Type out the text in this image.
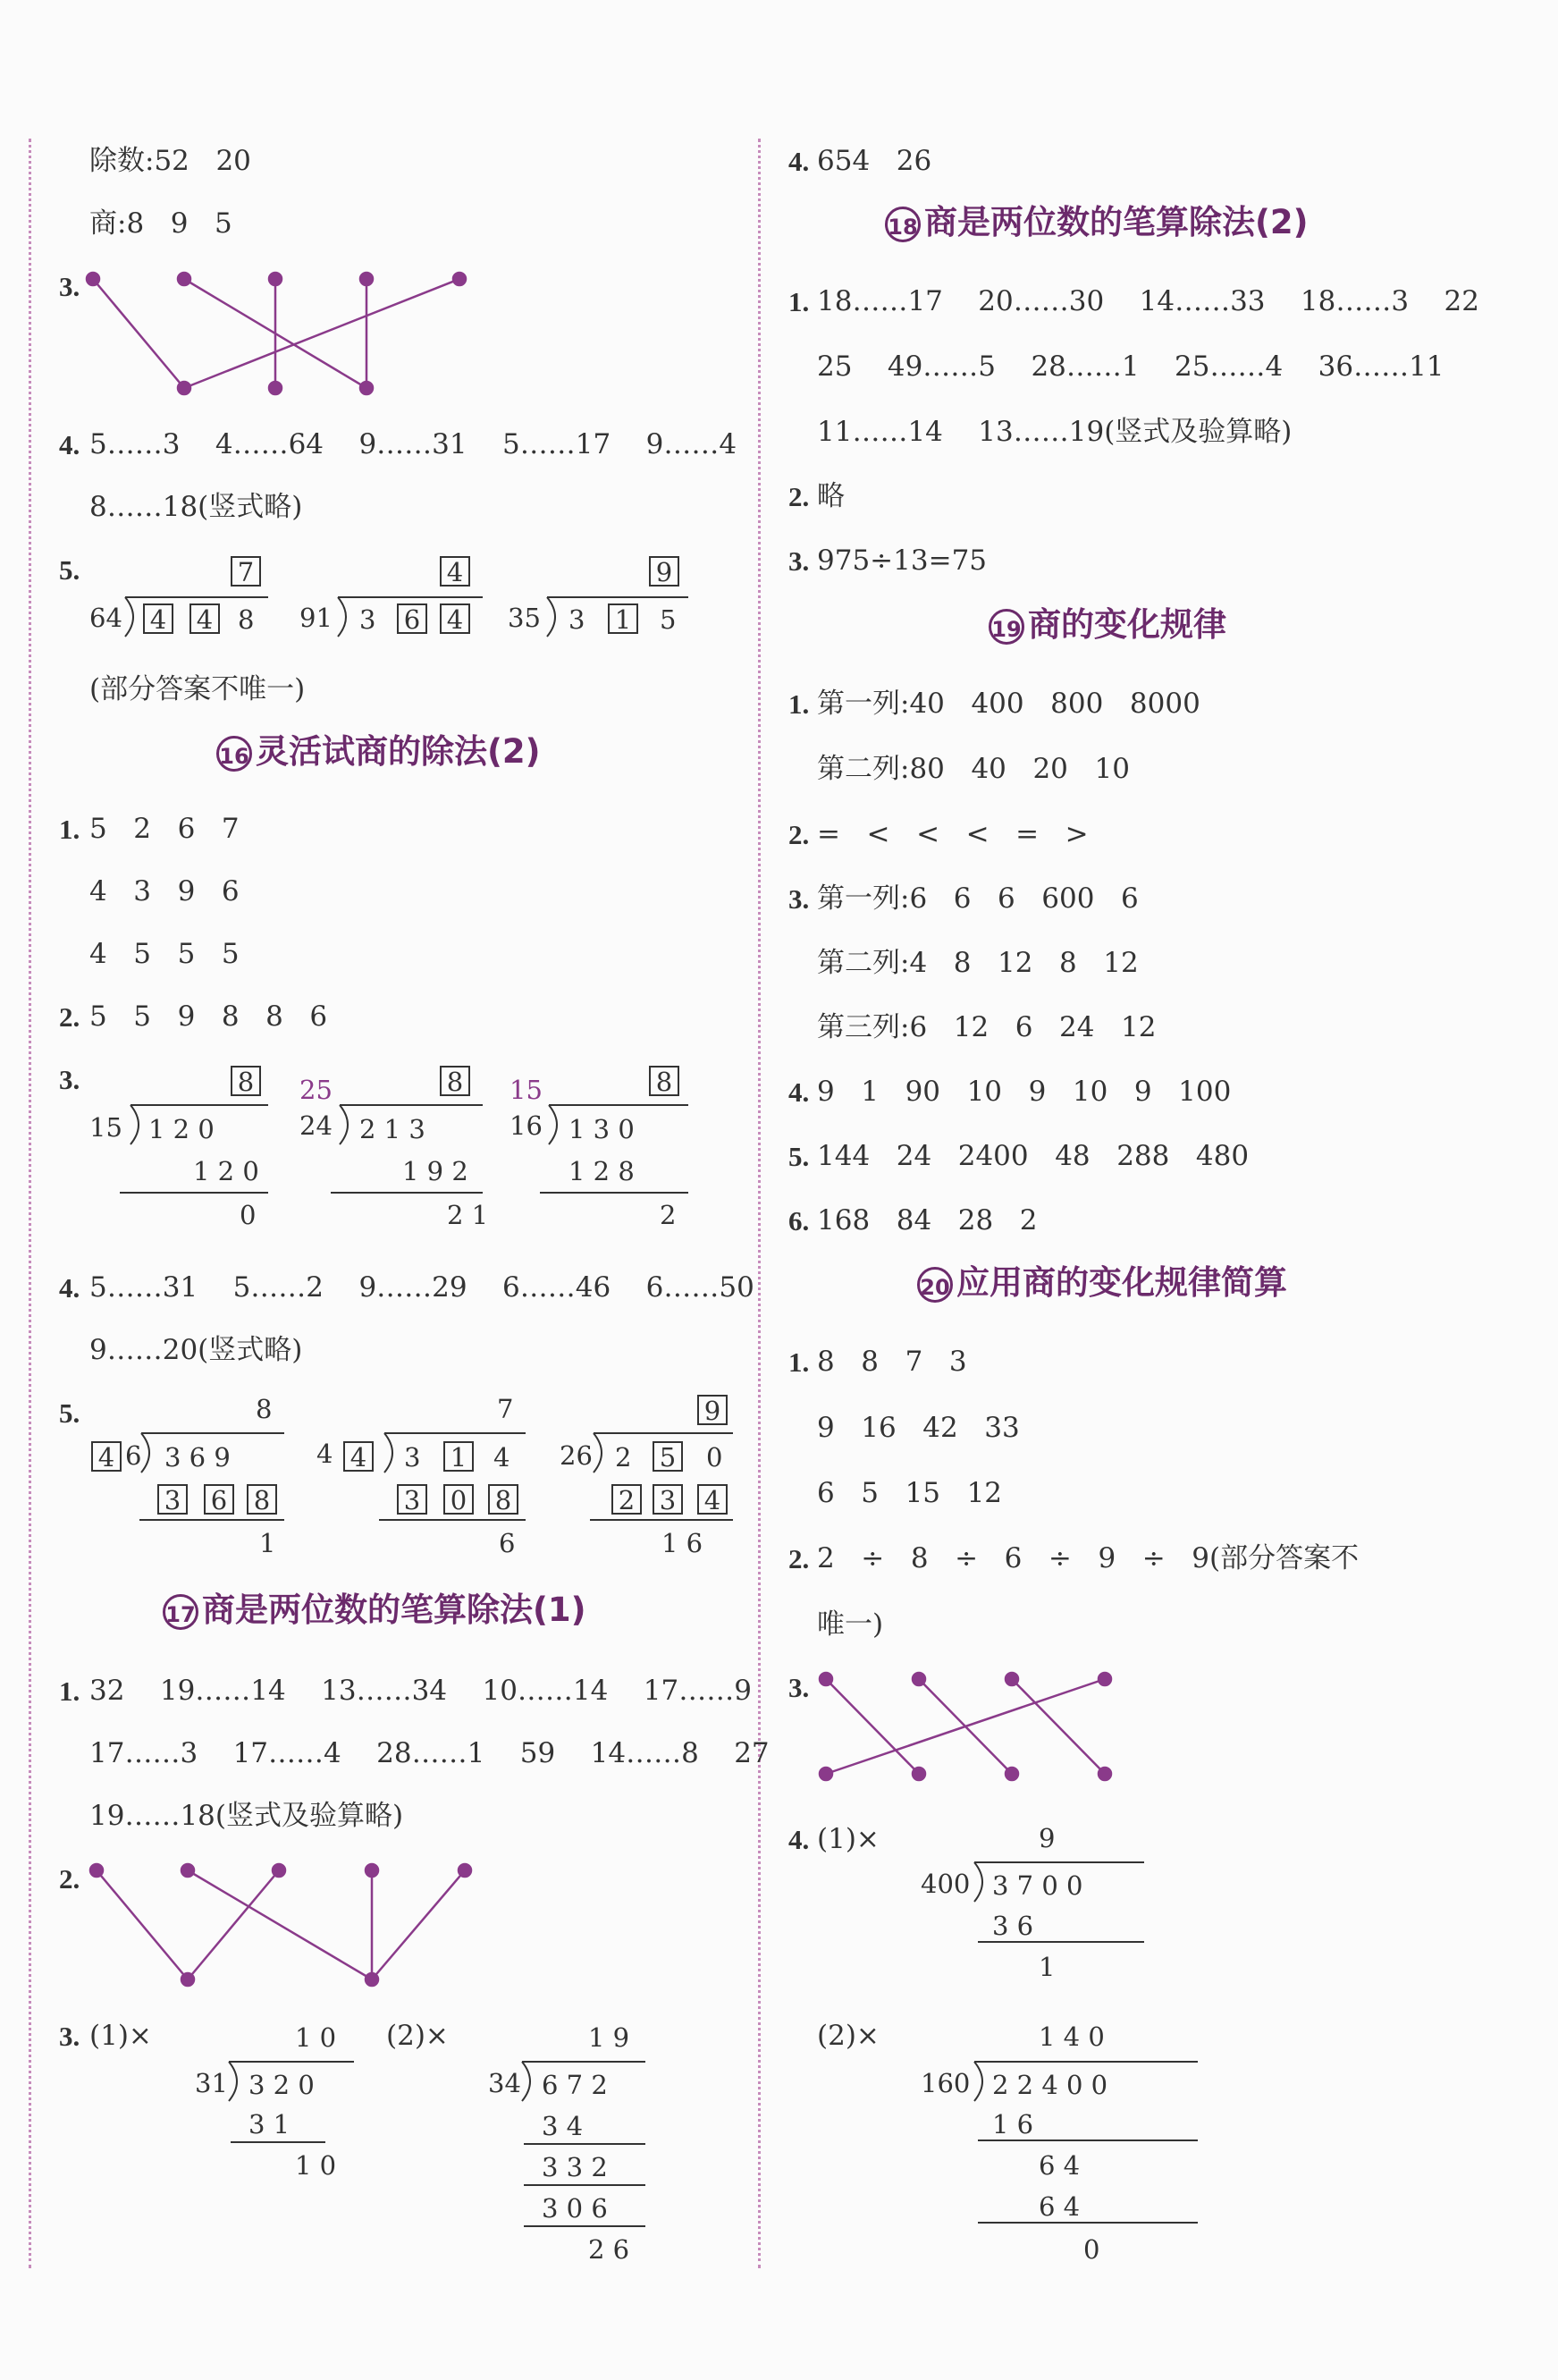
除数:52   20
商:8   9   5
3.
4. 5……3    4……64    9……31    5……17    9……4
8……18(竖式略)
5.	7
64 4 4 8
4
91 3 6 4
9
35 3 1 5
(部分答案不唯一)
16 灵活试商的除法(2)
1. 5   2   6   7
4   3   9   6
4   5   5   5
2. 5   5   9   8   8   6
3.	8
15 1 2 0
1 2 0
0
25	8
24 2 1 3
1 9 2
2 1
15	8
16 1 3 0
1 2 8
2
4. 5……31    5……2    9……29    6……46    6……50
9……20(竖式略)
5.	8
4 6 3 6 9
3 6 8
1
7
4 4 3 1 4
3 0 8
6
9
26 2 5 0
2 3 4
1 6
17 商是两位数的笔算除法(1)
1. 32    19……14    13……34    10……14    17……9
17……3    17……4    28……1    59    14……8    27
19……18(竖式及验算略)
2.
3. (1)×	(2)×
1 0
31 3 2 0
3 1
1 0
1 9
34 6 7 2
3 4
3 3 2
3 0 6
2 6
4. 654   26
18 商是两位数的笔算除法(2)
1. 18……17    20……30    14……33    18……3    22
25    49……5    28……1    25……4    36……11
11……14    13……19(竖式及验算略)
2. 略
3. 975÷13=75
19 商的变化规律
1. 第一列:40   400   800   8000
第二列:80   40   20   10
2. =   <   <   <   =   >
3. 第一列:6   6   6   600   6
第二列:4   8   12   8   12
第三列:6   12   6   24   12
4. 9   1   90   10   9   10   9   100
5. 144   24   2400   48   288   480
6. 168   84   28   2
20 应用商的变化规律简算
1. 8   8   7   3
9   16   42   33
6   5   15   12
2. 2   ÷   8   ÷   6   ÷   9   ÷   9(部分答案不
唯一)
3.
4. (1)×	9
400 3 7 0 0
3 6
1
(2)×	1 4 0
160 2 2 4 0 0
1 6
6 4
6 4
0
